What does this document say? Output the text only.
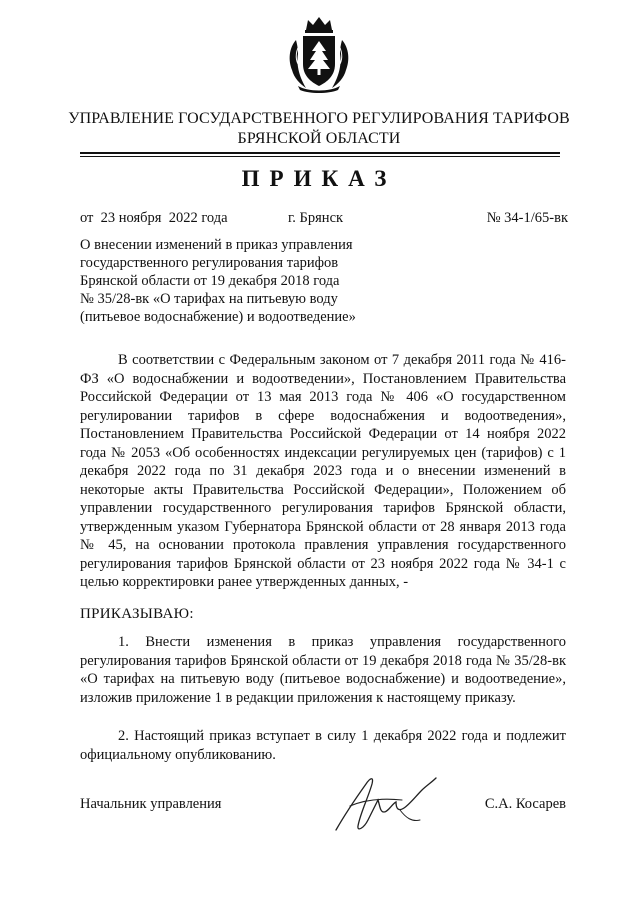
УПРАВЛЕНИЕ ГОСУДАРСТВЕННОГО РЕГУЛИРОВАНИЯ ТАРИФОВ
БРЯНСКОЙ ОБЛАСТИ
ПРИКАЗ
от  23 ноября  2022 года	г. Брянск	№ 34-1/65-вк
О внесении изменений в приказ управления
государственного регулирования тарифов
Брянской области от 19 декабря 2018 года
№ 35/28-вк «О тарифах на питьевую воду
(питьевое водоснабжение) и водоотведение»
В соответствии с Федеральным законом от 7 декабря 2011 года № 416-ФЗ «О водоснабжении и водоотведении», Постановлением Правительства Российской Федерации от 13 мая 2013 года № 406 «О государственном регулировании тарифов в сфере водоснабжения и водоотведения», Постановлением Правительства Российской Федерации от 14 ноября 2022 года № 2053 «Об особенностях индексации регулируемых цен (тарифов) с 1 декабря 2022 года по 31 декабря 2023 года и о внесении изменений в некоторые акты Правительства Российской Федерации», Положением об управлении государственного регулирования тарифов Брянской области, утвержденным указом Губернатора Брянской области от 28 января 2013 года № 45, на основании протокола правления управления государственного регулирования тарифов Брянской области от 23 ноября 2022 года № 34-1 с целью корректировки ранее утвержденных данных, -
ПРИКАЗЫВАЮ:
1. Внести изменения в приказ управления государственного регулирования тарифов Брянской области от 19 декабря 2018 года № 35/28-вк «О тарифах на питьевую воду (питьевое водоснабжение) и водоотведение», изложив приложение 1 в редакции приложения к настоящему приказу.
2. Настоящий приказ вступает в силу 1 декабря 2022 года и подлежит официальному опубликованию.
Начальник управления	С.А. Косарев
